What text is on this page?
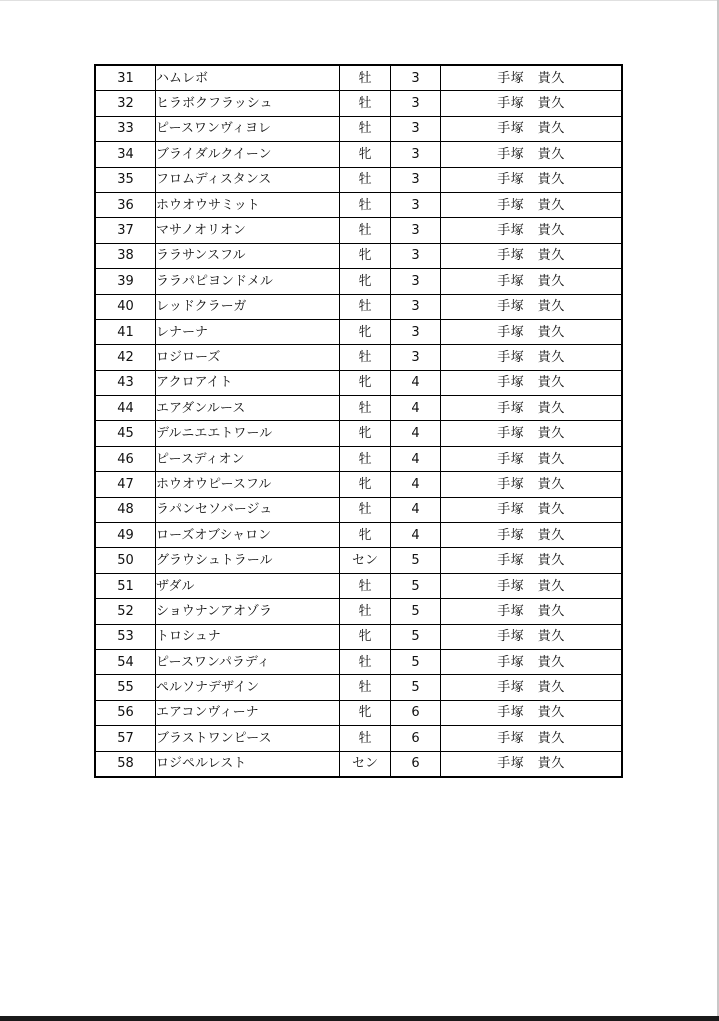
31	ハムレボ	牡	3	手塚　貴久
32	ヒラボクフラッシュ	牡	3	手塚　貴久
33	ピースワンヴィヨレ	牡	3	手塚　貴久
34	ブライダルクイーン	牝	3	手塚　貴久
35	フロムディスタンス	牡	3	手塚　貴久
36	ホウオウサミット	牡	3	手塚　貴久
37	マサノオリオン	牡	3	手塚　貴久
38	ララサンスフル	牝	3	手塚　貴久
39	ララパピヨンドメル	牝	3	手塚　貴久
40	レッドクラーガ	牡	3	手塚　貴久
41	レナーナ	牝	3	手塚　貴久
42	ロジローズ	牡	3	手塚　貴久
43	アクロアイト	牝	4	手塚　貴久
44	エアダンルース	牡	4	手塚　貴久
45	デルニエエトワール	牝	4	手塚　貴久
46	ピースディオン	牡	4	手塚　貴久
47	ホウオウピースフル	牝	4	手塚　貴久
48	ラパンセソバージュ	牡	4	手塚　貴久
49	ローズオブシャロン	牝	4	手塚　貴久
50	グラウシュトラール	セン	5	手塚　貴久
51	ザダル	牡	5	手塚　貴久
52	ショウナンアオゾラ	牡	5	手塚　貴久
53	トロシュナ	牝	5	手塚　貴久
54	ピースワンパラディ	牡	5	手塚　貴久
55	ペルソナデザイン	牡	5	手塚　貴久
56	エアコンヴィーナ	牝	6	手塚　貴久
57	ブラストワンピース	牡	6	手塚　貴久
58	ロジペルレスト	セン	6	手塚　貴久
